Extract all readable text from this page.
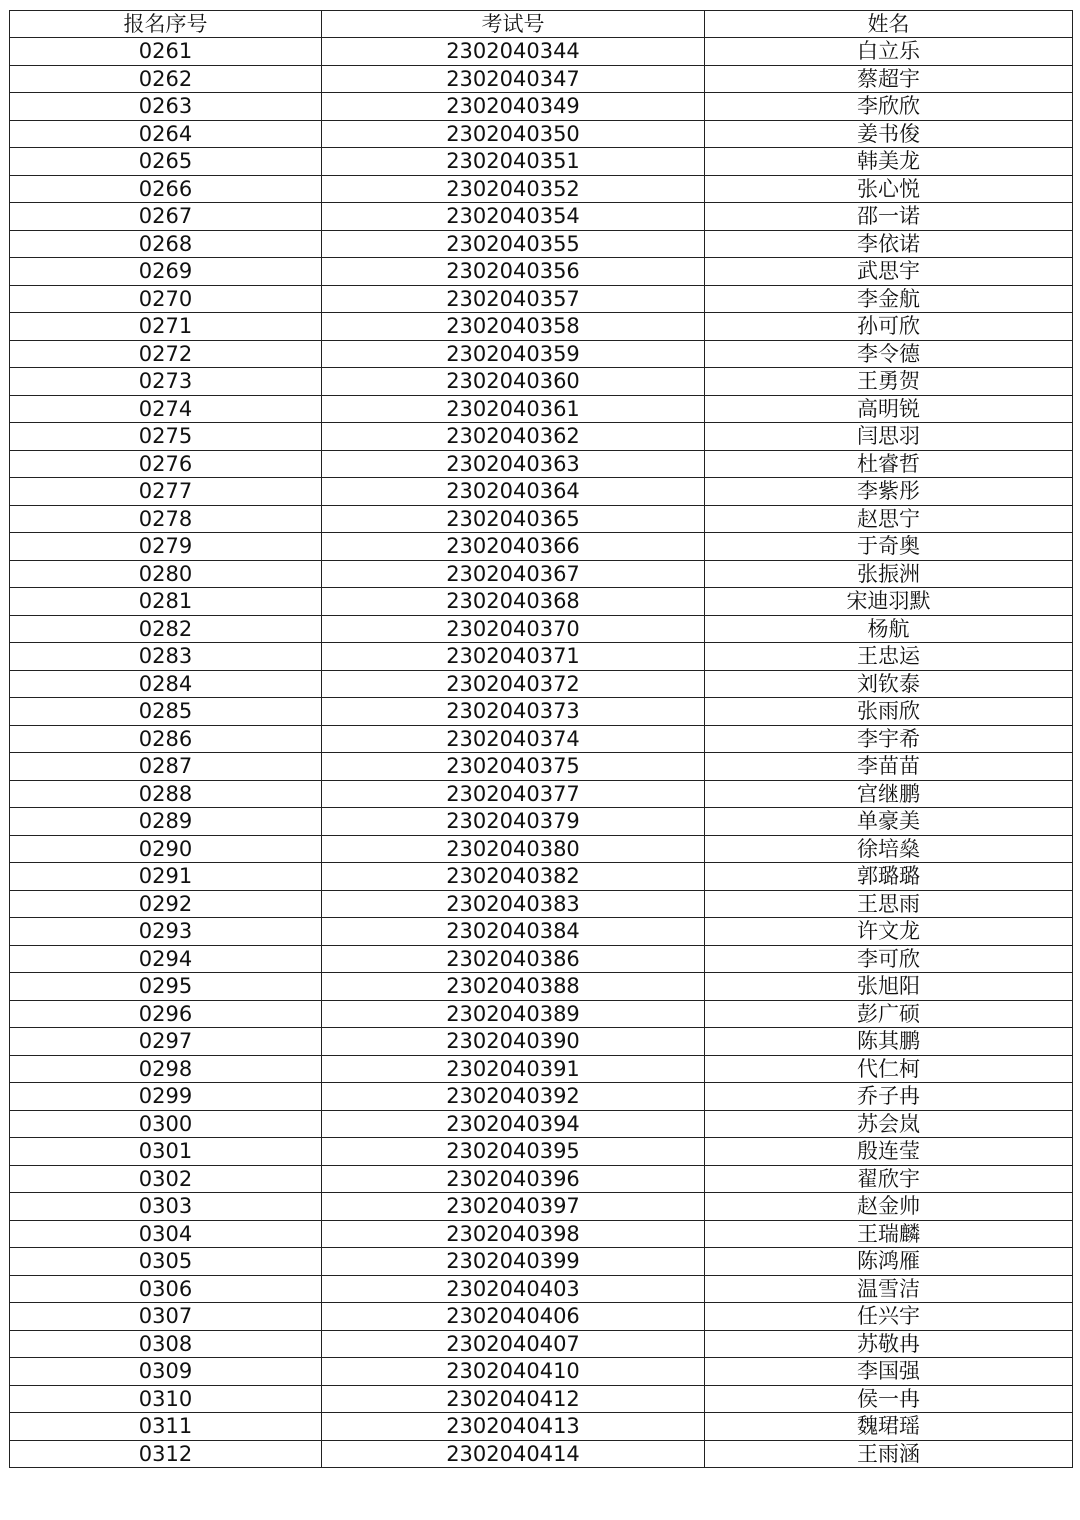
报名序号	考试号	姓名
0261	2302040344	白立乐
0262	2302040347	蔡超宇
0263	2302040349	李欣欣
0264	2302040350	姜书俊
0265	2302040351	韩美龙
0266	2302040352	张心悦
0267	2302040354	邵一诺
0268	2302040355	李依诺
0269	2302040356	武思宇
0270	2302040357	李金航
0271	2302040358	孙可欣
0272	2302040359	李令德
0273	2302040360	王勇贺
0274	2302040361	高明锐
0275	2302040362	闫思羽
0276	2302040363	杜睿哲
0277	2302040364	李紫彤
0278	2302040365	赵思宁
0279	2302040366	于奇奥
0280	2302040367	张振洲
0281	2302040368	宋迪羽默
0282	2302040370	杨航
0283	2302040371	王忠运
0284	2302040372	刘钦泰
0285	2302040373	张雨欣
0286	2302040374	李宇希
0287	2302040375	李苗苗
0288	2302040377	宫继鹏
0289	2302040379	单豪美
0290	2302040380	徐培燊
0291	2302040382	郭璐璐
0292	2302040383	王思雨
0293	2302040384	许文龙
0294	2302040386	李可欣
0295	2302040388	张旭阳
0296	2302040389	彭广硕
0297	2302040390	陈其鹏
0298	2302040391	代仁柯
0299	2302040392	乔子冉
0300	2302040394	苏会岚
0301	2302040395	殷连莹
0302	2302040396	翟欣宇
0303	2302040397	赵金帅
0304	2302040398	王瑞麟
0305	2302040399	陈鸿雁
0306	2302040403	温雪洁
0307	2302040406	任兴宇
0308	2302040407	苏敬冉
0309	2302040410	李国强
0310	2302040412	侯一冉
0311	2302040413	魏珺瑶
0312	2302040414	王雨涵
